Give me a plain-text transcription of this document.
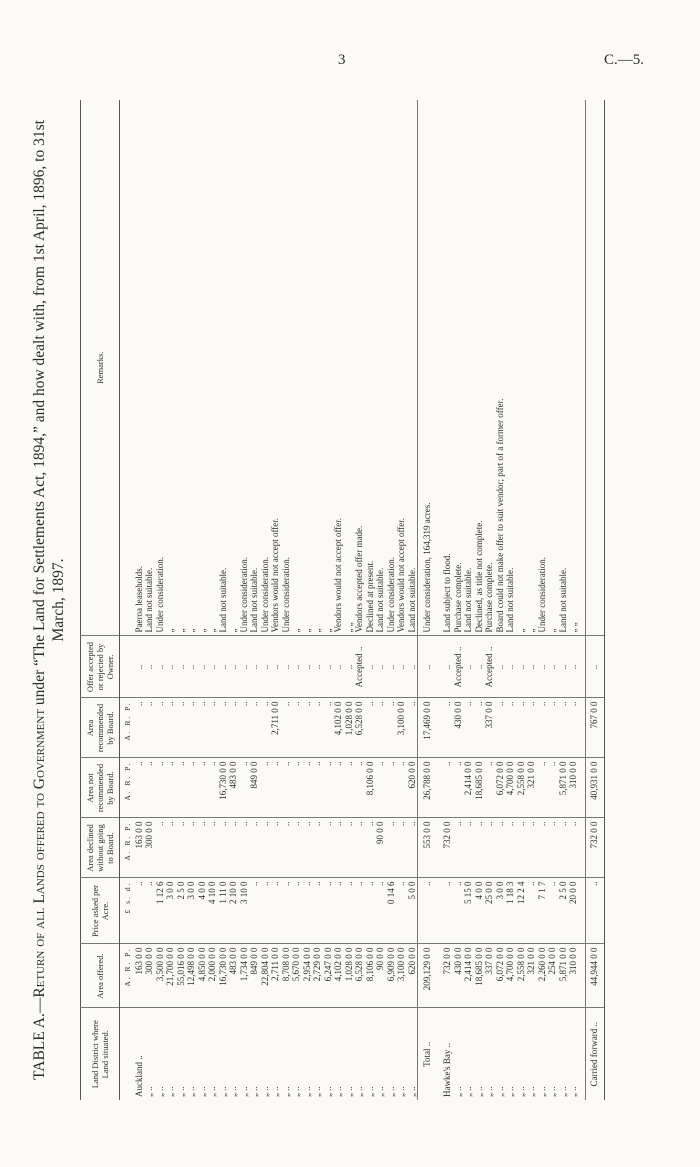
3	C.—5.
TABLE A.—Return of all Lands offered to Government under “The Land for Settlements Act, 1894,” and how dealt with, from 1st April, 1896, to 31st March, 1897.
Land District where Land situated.	Area offered.	Price asked per Acre.	Area declined without going to Board.	Area not recommended by Board.	Area recommended by Board.	Offer accepted or rejected by Owner.	Remarks.
	A. R. P.	£ s. d.	A. R. P.	A. R. P.	A. R. P.		
Auckland ..	163 0 0	..	163 0 0	..	..	..	Paeroa leaseholds.
„ ..	300 0 0	..	300 0 0	..	..	..	Land not suitable.
„ ..	3,500 0 0	1 12 6	..	..	..	..	Under consideration.
„ ..	21,700 0 0	3 0 0	..	..	..	..	„
„ ..	55,016 0 0	2 5 0	..	..	..	..	„
„ ..	12,498 0 0	3 0 0	..	..	..	..	„
„ ..	4,850 0 0	4 0 0	..	..	..	..	„
„ ..	2,000 0 0	4 10 0	..	..	..	..	„
„ ..	16,730 0 0	1 11 0	..	16,730 0 0	..	..	Land not suitable.
„ ..	483 0 0	2 10 0	..	483 0 0	..	..	„
„ ..	1,734 0 0	3 10 0	..	..	..	..	Under consideration.
„ ..	849 0 0	..	..	849 0 0	..	..	Land not suitable.
„ ..	22,804 0 0	..	..	..	..	..	Under consideration.
„ ..	2,711 0 0	..	..	..	2,711 0 0	..	Vendors would not accept offer.
„ ..	8,708 0 0	..	..	..	..	..	Under consideration.
„ ..	5,670 0 0	..	..	..	..	..	„
„ ..	2,954 0 0	..	..	..	..	..	„
„ ..	2,729 0 0	..	..	..	..	..	„
„ ..	6,247 0 0	..	..	..	..	..	„
„ ..	4,102 0 0	..	..	..	4,102 0 0	..	Vendors would not accept offer.
„ ..	1,028 0 0	..	..	..	1,028 0 0	..	„ „
„ ..	6,528 0 0	..	..	..	6,528 0 0	Accepted ..	Vendors accepted offer made.
„ ..	8,106 0 0	..	..	8,106 0 0	..	..	Declined at present.
„ ..	90 0 0	..	90 0 0	..	..	..	Land not suitable.
„ ..	6,909 0 0	0 14 6	..	..	..	..	Under consideration.
„ ..	3,100 0 0	..	..	..	3,100 0 0	..	Vendors would not accept offer.
„ ..	620 0 0	5 0 0	..	620 0 0	..	..	Land not suitable.
Total ..	209,129 0 0	..	553 0 0	26,788 0 0	17,469 0 0	..	Under consideration, 164,319 acres.

Hawke's Bay ..	732 0 0	..	732 0 0	..	..	..	Land subject to flood.
„ ..	430 0 0	..	..	..	430 0 0	Accepted ..	Purchase complete.
„ ..	2,414 0 0	5 15 0	..	2,414 0 0	..	..	Land not suitable.
„ ..	18,685 0 0	4 0 0	..	18,685 0 0	..	..	Declined, as title not complete.
„ ..	337 0 0	25 0 0	..	..	337 0 0	Accepted ..	Purchase complete.
„ ..	6,072 0 0	3 0 0	..	6,072 0 0	..	..	Board could not make offer to suit vendor; part of a former offer.
„ ..	4,700 0 0	1 18 3	..	4,700 0 0	..	..	Land not suitable.
„ ..	2,558 0 0	12 2 4	..	2,558 0 0	..	..	„
„ ..	321 0 0	..	..	321 0 0	..	..	„
„ ..	2,260 0 0	7 1 7	..	..	..	..	Under consideration.
„ ..	254 0 0	..	..	..	..	..	„
„ ..	5,871 0 0	2 5 0	..	5,871 0 0	..	..	Land not suitable.
„ ..	310 0 0	20 0 0	..	310 0 0	..	..	„ „

Carried forward ..	44,944 0 0	..	732 0 0	40,931 0 0	767 0 0	..	
